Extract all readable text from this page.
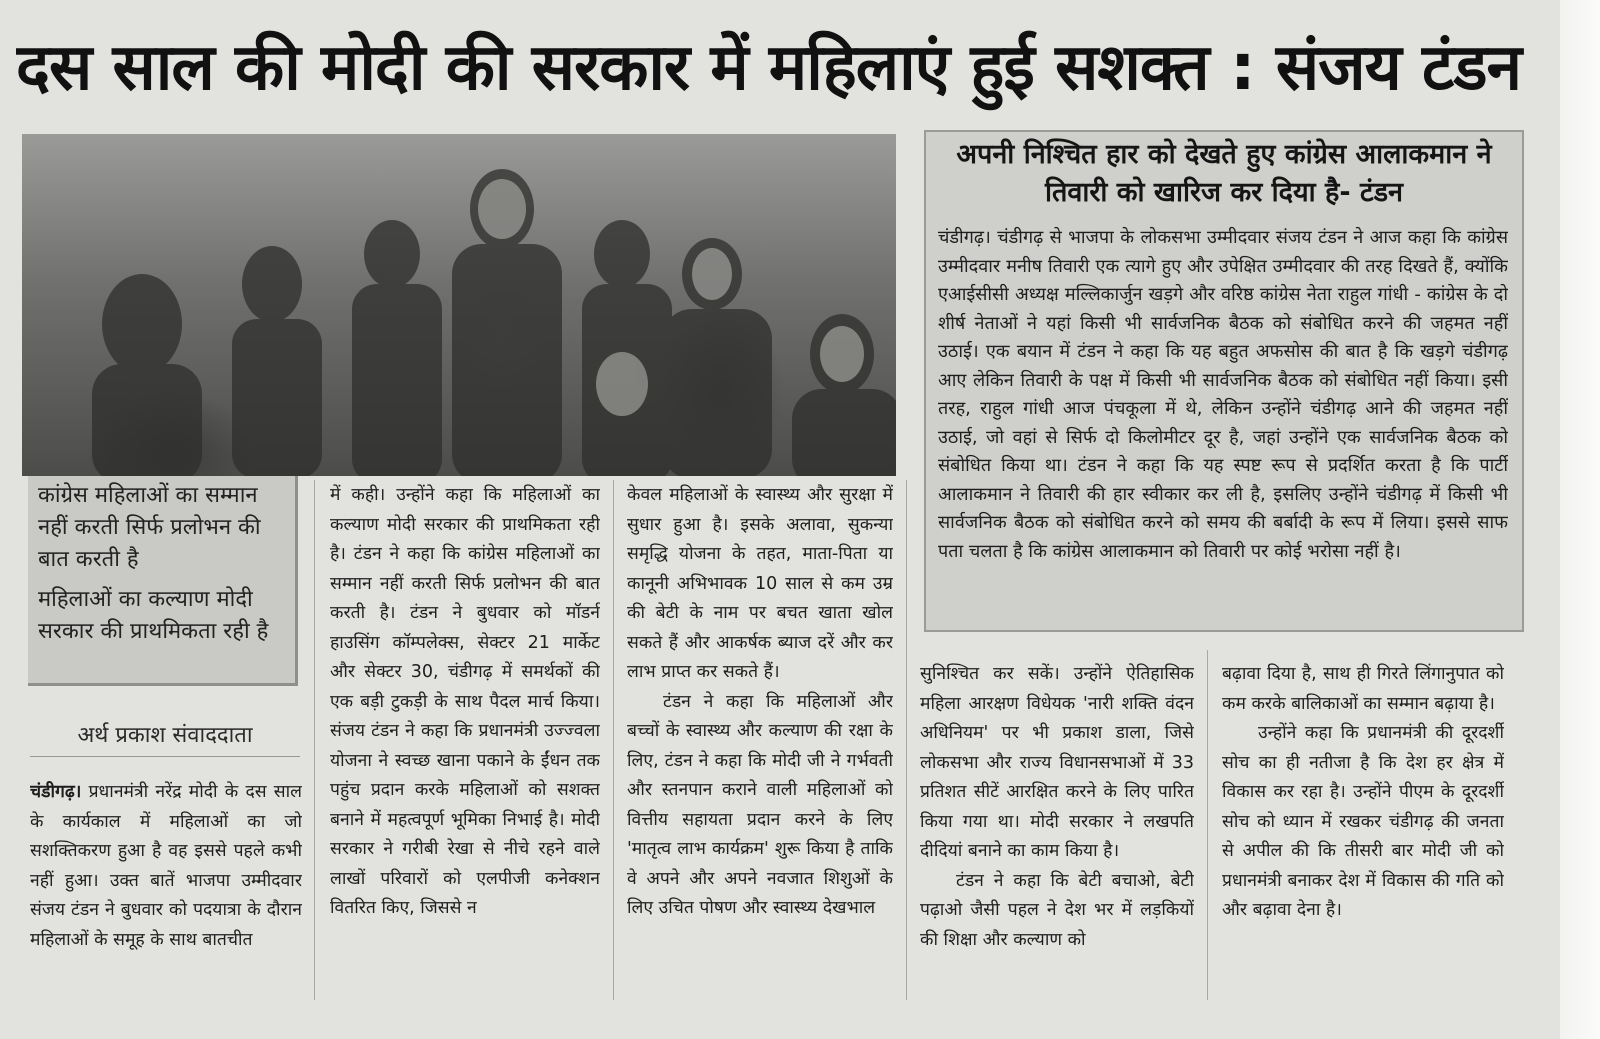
दस साल की मोदी की सरकार में महिलाएं हुई सशक्त : संजय टंडन

कांग्रेस महिलाओं का सम्मान नहीं करती सिर्फ प्रलोभन की बात करती है

महिलाओं का कल्याण मोदी सरकार की प्राथमिकता रही है

अर्थ प्रकाश संवाददाता

चंडीगढ़। प्रधानमंत्री नरेंद्र मोदी के दस साल के कार्यकाल में महिलाओं का जो सशक्तिकरण हुआ है वह इससे पहले कभी नहीं हुआ। उक्त बातें भाजपा उम्मीदवार संजय टंडन ने बुधवार को पदयात्रा के दौरान महिलाओं के समूह के साथ बातचीत

में कही। उन्होंने कहा कि महिलाओं का कल्याण मोदी सरकार की प्राथमिकता रही है। टंडन ने कहा कि कांग्रेस महिलाओं का सम्मान नहीं करती सिर्फ प्रलोभन की बात करती है। टंडन ने बुधवार को मॉडर्न हाउसिंग कॉम्पलेक्स, सेक्टर 21 मार्केट और सेक्टर 30, चंडीगढ़ में समर्थकों की एक बड़ी टुकड़ी के साथ पैदल मार्च किया। संजय टंडन ने कहा कि प्रधानमंत्री उज्ज्वला योजना ने स्वच्छ खाना पकाने के ईंधन तक पहुंच प्रदान करके महिलाओं को सशक्त बनाने में महत्वपूर्ण भूमिका निभाई है। मोदी सरकार ने गरीबी रेखा से नीचे रहने वाले लाखों परिवारों को एलपीजी कनेक्शन वितरित किए, जिससे न

केवल महिलाओं के स्वास्थ्य और सुरक्षा में सुधार हुआ है। इसके अलावा, सुकन्या समृद्धि योजना के तहत, माता-पिता या कानूनी अभिभावक 10 साल से कम उम्र की बेटी के नाम पर बचत खाता खोल सकते हैं और आकर्षक ब्याज दरें और कर लाभ प्राप्त कर सकते हैं।

टंडन ने कहा कि महिलाओं और बच्चों के स्वास्थ्य और कल्याण की रक्षा के लिए, टंडन ने कहा कि मोदी जी ने गर्भवती और स्तनपान कराने वाली महिलाओं को वित्तीय सहायता प्रदान करने के लिए 'मातृत्व लाभ कार्यक्रम' शुरू किया है ताकि वे अपने और अपने नवजात शिशुओं के लिए उचित पोषण और स्वास्थ्य देखभाल

अपनी निश्चित हार को देखते हुए कांग्रेस आलाकमान ने तिवारी को खारिज कर दिया है- टंडन
चंडीगढ़। चंडीगढ़ से भाजपा के लोकसभा उम्मीदवार संजय टंडन ने आज कहा कि कांग्रेस उम्मीदवार मनीष तिवारी एक त्यागे हुए और उपेक्षित उम्मीदवार की तरह दिखते हैं, क्योंकि एआईसीसी अध्यक्ष मल्लिकार्जुन खड़गे और वरिष्ठ कांग्रेस नेता राहुल गांधी - कांग्रेस के दो शीर्ष नेताओं ने यहां किसी भी सार्वजनिक बैठक को संबोधित करने की जहमत नहीं उठाई। एक बयान में टंडन ने कहा कि यह बहुत अफसोस की बात है कि खड़गे चंडीगढ़ आए लेकिन तिवारी के पक्ष में किसी भी सार्वजनिक बैठक को संबोधित नहीं किया। इसी तरह, राहुल गांधी आज पंचकूला में थे, लेकिन उन्होंने चंडीगढ़ आने की जहमत नहीं उठाई, जो वहां से सिर्फ दो किलोमीटर दूर है, जहां उन्होंने एक सार्वजनिक बैठक को संबोधित किया था। टंडन ने कहा कि यह स्पष्ट रूप से प्रदर्शित करता है कि पार्टी आलाकमान ने तिवारी की हार स्वीकार कर ली है, इसलिए उन्होंने चंडीगढ़ में किसी भी सार्वजनिक बैठक को संबोधित करने को समय की बर्बादी के रूप में लिया। इससे साफ पता चलता है कि कांग्रेस आलाकमान को तिवारी पर कोई भरोसा नहीं है।

सुनिश्चित कर सकें। उन्होंने ऐतिहासिक महिला आरक्षण विधेयक 'नारी शक्ति वंदन अधिनियम' पर भी प्रकाश डाला, जिसे लोकसभा और राज्य विधानसभाओं में 33 प्रतिशत सीटें आरक्षित करने के लिए पारित किया गया था। मोदी सरकार ने लखपति दीदियां बनाने का काम किया है।

टंडन ने कहा कि बेटी बचाओ, बेटी पढ़ाओ जैसी पहल ने देश भर में लड़कियों की शिक्षा और कल्याण को

बढ़ावा दिया है, साथ ही गिरते लिंगानुपात को कम करके बालिकाओं का सम्मान बढ़ाया है।

उन्होंने कहा कि प्रधानमंत्री की दूरदर्शी सोच का ही नतीजा है कि देश हर क्षेत्र में विकास कर रहा है। उन्होंने पीएम के दूरदर्शी सोच को ध्यान में रखकर चंडीगढ़ की जनता से अपील की कि तीसरी बार मोदी जी को प्रधानमंत्री बनाकर देश में विकास की गति को और बढ़ावा देना है।
